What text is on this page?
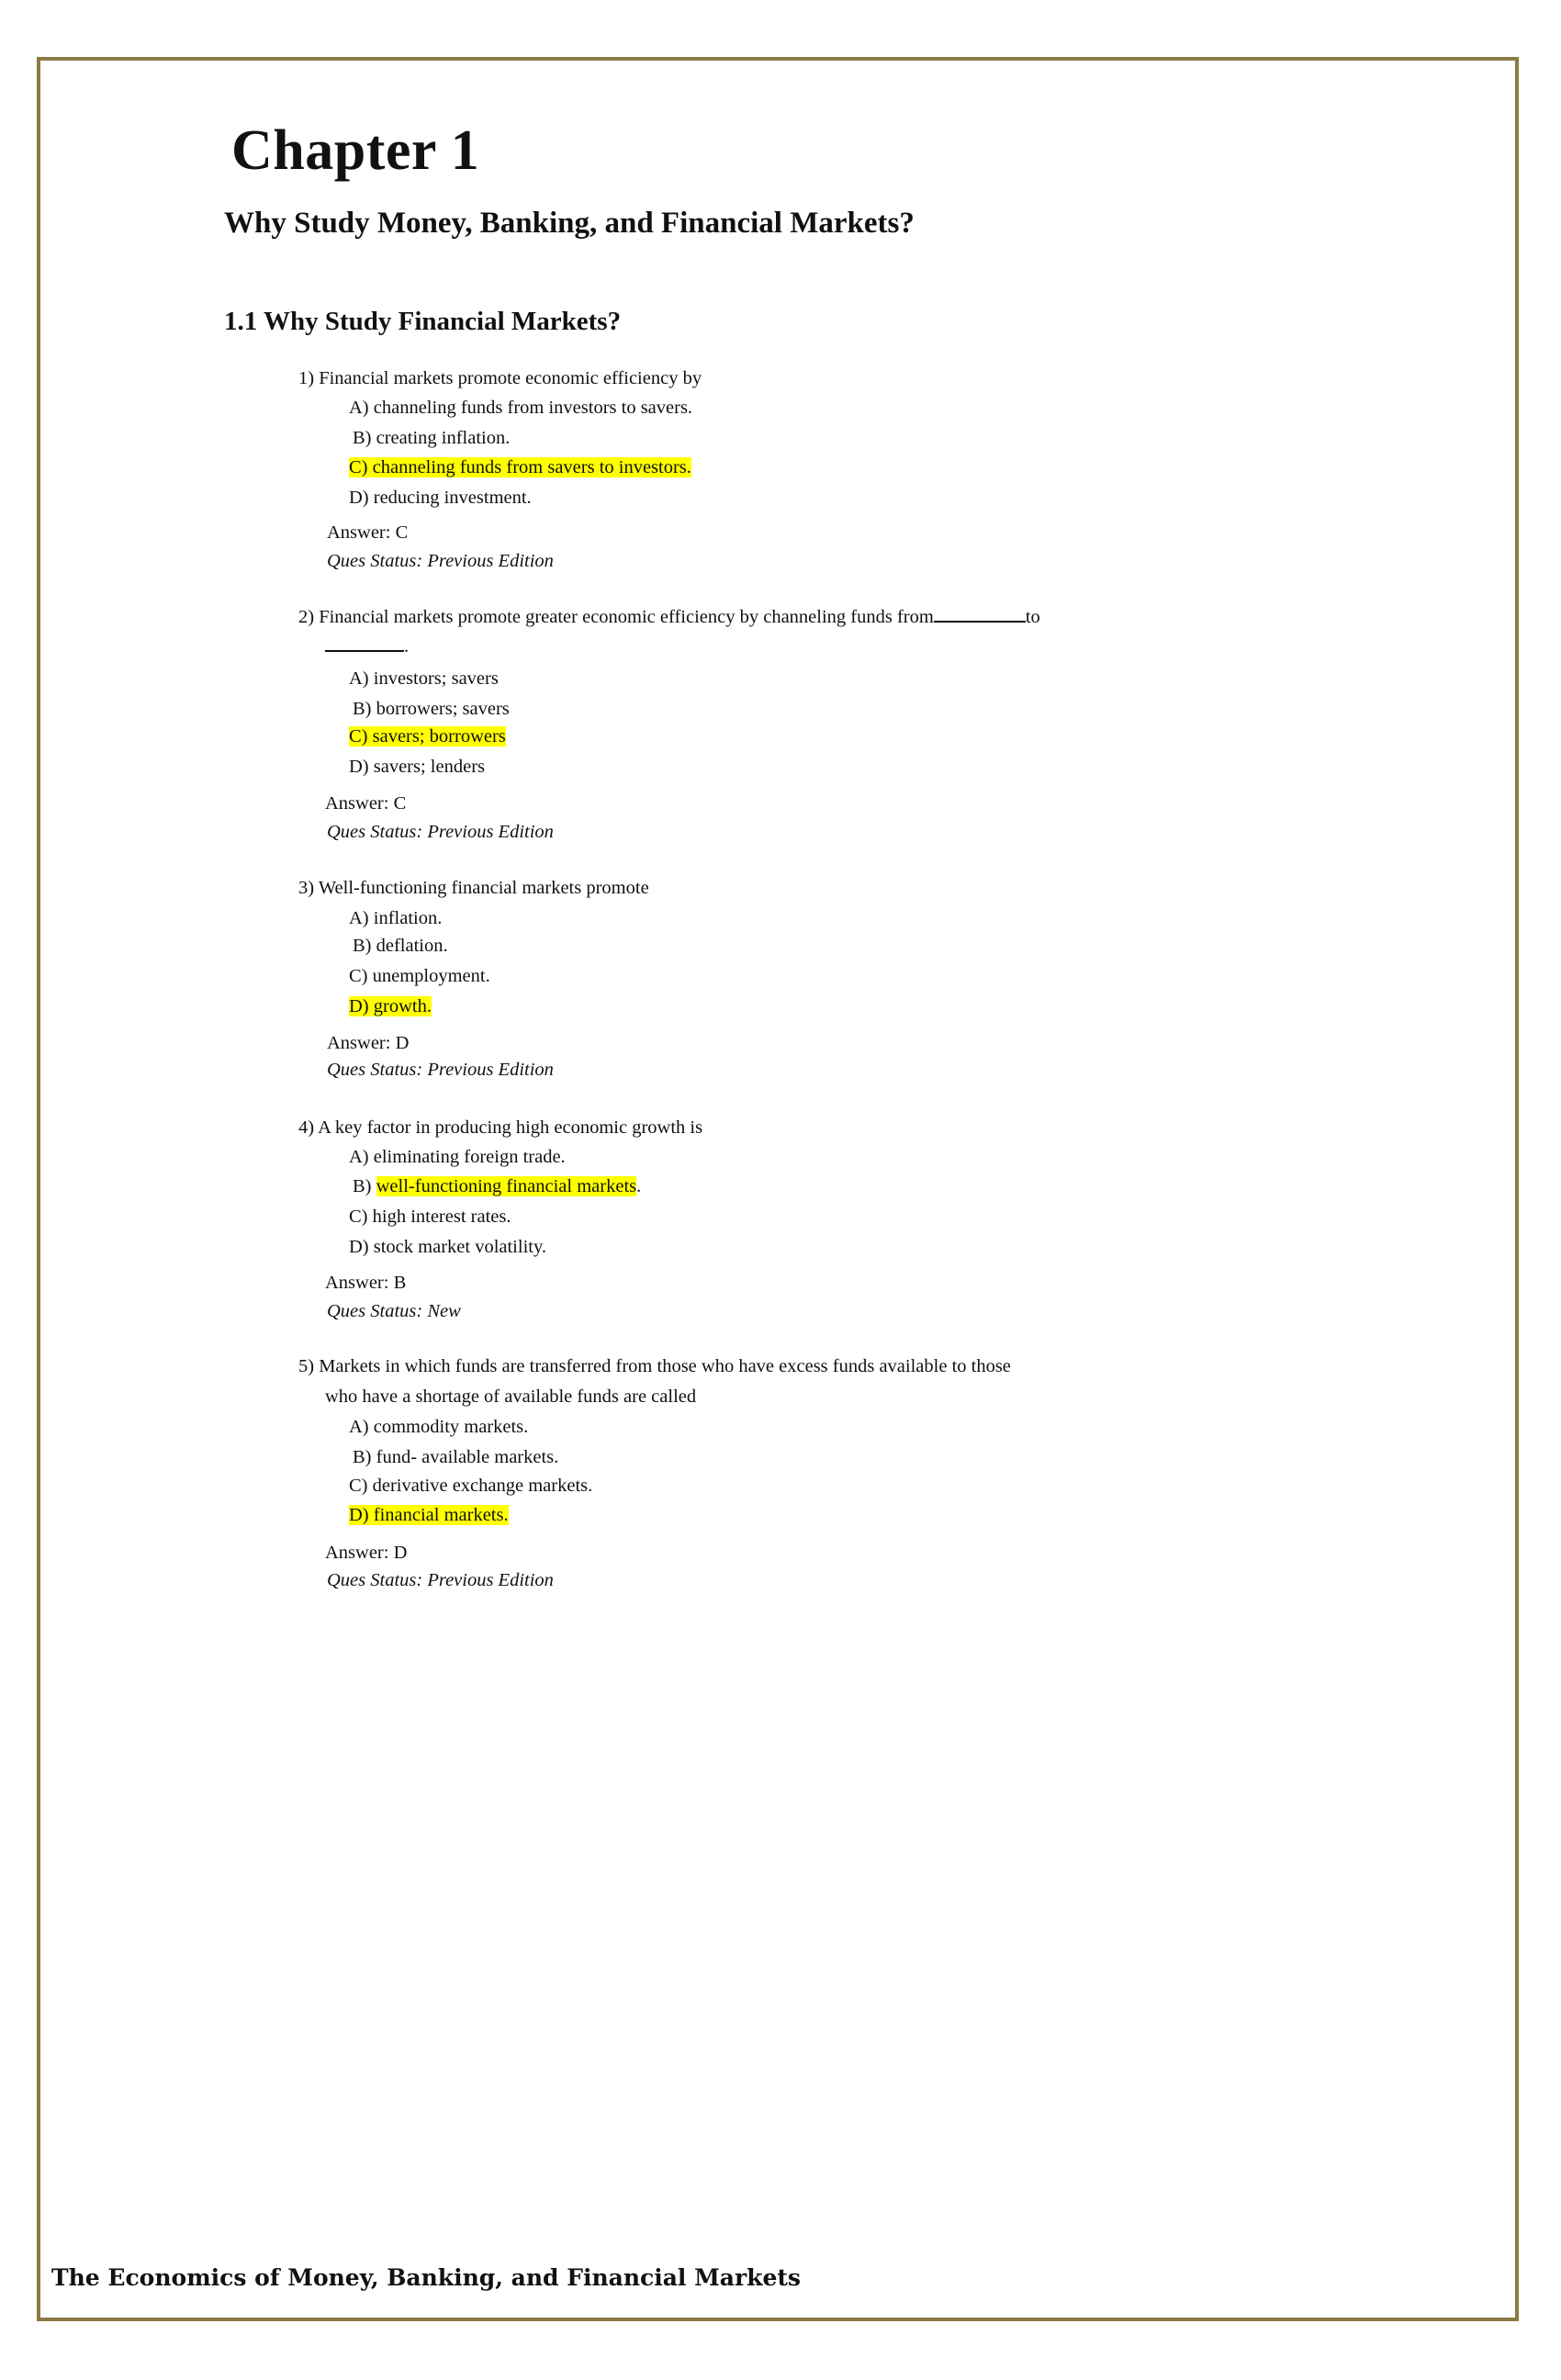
Chapter 1
Why Study Money, Banking, and Financial Markets?
1.1 Why Study Financial Markets?
1) Financial markets promote economic efficiency by
A) channeling funds from investors to savers.
B) creating inflation.
C) channeling funds from savers to investors.
D) reducing investment.
Answer: C
Ques Status: Previous Edition
2) Financial markets promote greater economic efficiency by channeling funds from	to
.
A) investors; savers
B) borrowers; savers
C) savers; borrowers
D) savers; lenders
Answer: C
Ques Status: Previous Edition
3) Well-functioning financial markets promote
A) inflation.
B) deflation.
C) unemployment.
D) growth.
Answer: D
Ques Status: Previous Edition
4) A key factor in producing high economic growth is
A) eliminating foreign trade.
B) well-functioning financial markets.
C) high interest rates.
D) stock market volatility.
Answer: B
Ques Status: New
5) Markets in which funds are transferred from those who have excess funds available to those
who have a shortage of available funds are called
A) commodity markets.
B) fund- available markets.
C) derivative exchange markets.
D) financial markets.
Answer: D
Ques Status: Previous Edition
The Economics of Money, Banking, and Financial Markets
